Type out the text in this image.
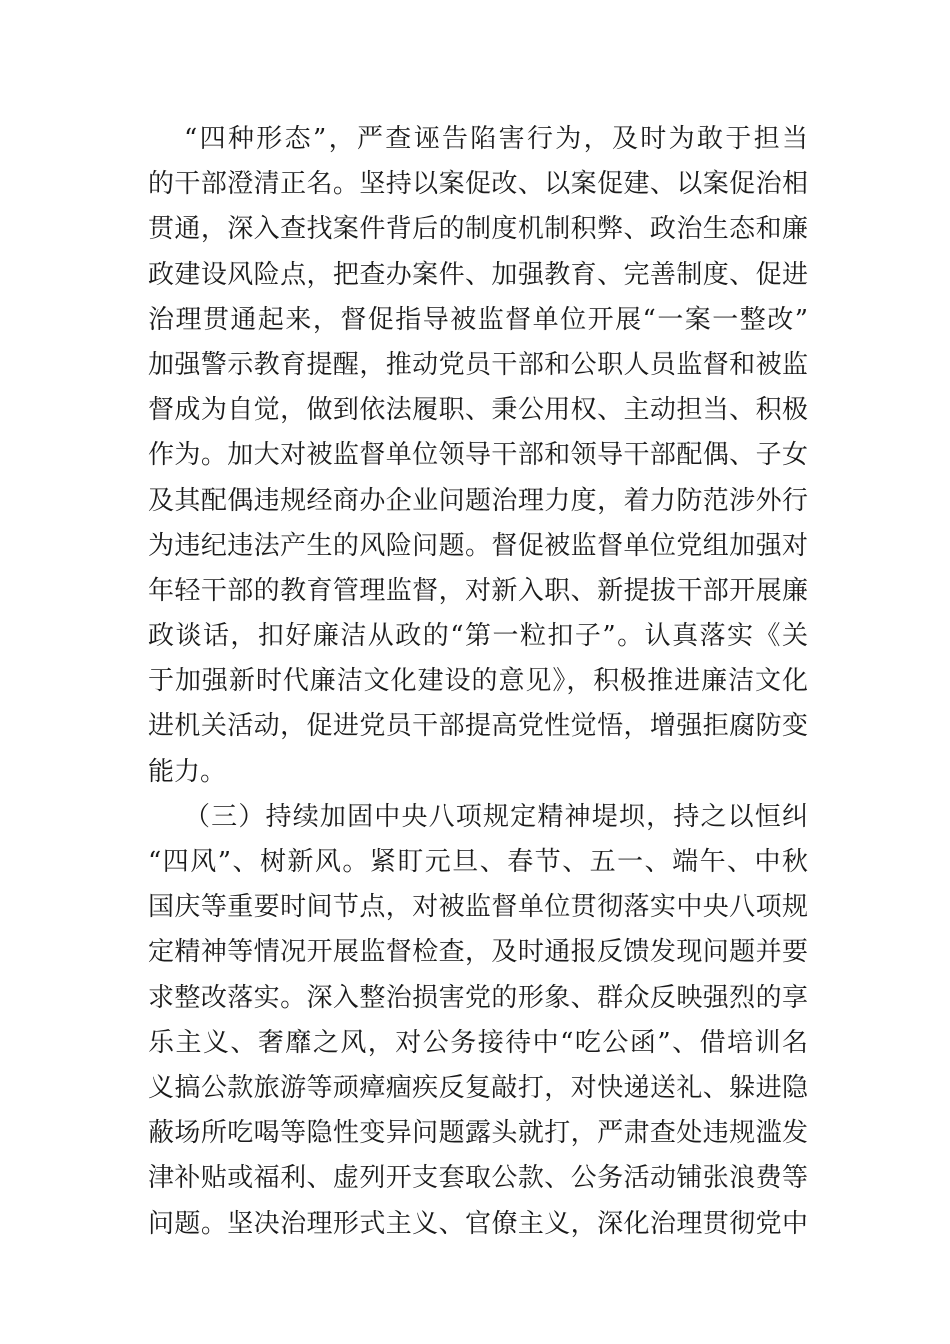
“四种形态”，严查诬告陷害行为，及时为敢于担当
的干部澄清正名。坚持以案促改、以案促建、以案促治相
贯通，深入查找案件背后的制度机制积弊、政治生态和廉
政建设风险点，把查办案件、加强教育、完善制度、促进
治理贯通起来，督促指导被监督单位开展“一案一整改”
加强警示教育提醒，推动党员干部和公职人员监督和被监
督成为自觉，做到依法履职、秉公用权、主动担当、积极
作为。加大对被监督单位领导干部和领导干部配偶、子女
及其配偶违规经商办企业问题治理力度，着力防范涉外行
为违纪违法产生的风险问题。督促被监督单位党组加强对
年轻干部的教育管理监督，对新入职、新提拔干部开展廉
政谈话，扣好廉洁从政的“第一粒扣子”。认真落实《关
于加强新时代廉洁文化建设的意见》，积极推进廉洁文化
进机关活动，促进党员干部提高党性觉悟，增强拒腐防变
能力。
（三）持续加固中央八项规定精神堤坝，持之以恒纠
“四风”、树新风。紧盯元旦、春节、五一、端午、中秋
国庆等重要时间节点，对被监督单位贯彻落实中央八项规
定精神等情况开展监督检查，及时通报反馈发现问题并要
求整改落实。深入整治损害党的形象、群众反映强烈的享
乐主义、奢靡之风，对公务接待中“吃公函”、借培训名
义搞公款旅游等顽瘴痼疾反复敲打，对快递送礼、躲进隐
蔽场所吃喝等隐性变异问题露头就打，严肃查处违规滥发
津补贴或福利、虚列开支套取公款、公务活动铺张浪费等
问题。坚决治理形式主义、官僚主义，深化治理贯彻党中
